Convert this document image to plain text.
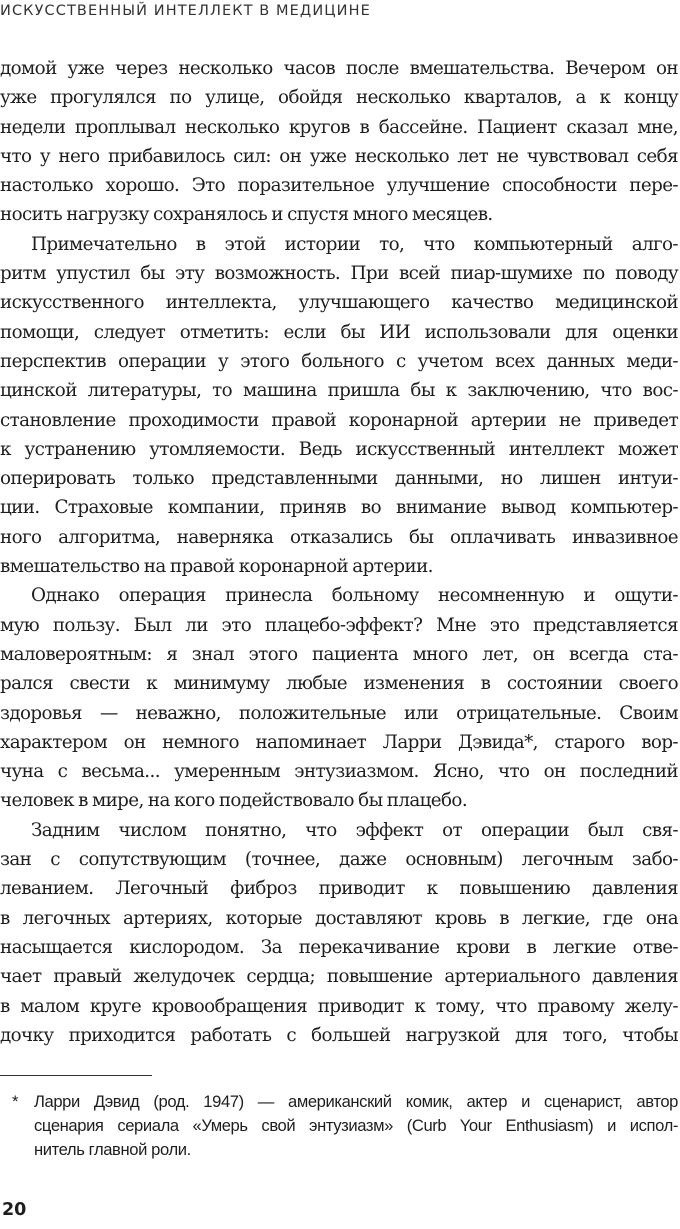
ИСКУССТВЕННЫЙ ИНТЕЛЛЕКТ В МЕДИЦИНЕ
домой уже через несколько часов после вмешательства. Вечером он
уже прогулялся по улице, обойдя несколько кварталов, а к концу
недели проплывал несколько кругов в бассейне. Пациент сказал мне,
что у него прибавилось сил: он уже несколько лет не чувствовал себя
настолько хорошо. Это поразительное улучшение способности пере-
носить нагрузку сохранялось и спустя много месяцев.
Примечательно в этой истории то, что компьютерный алго-
ритм упустил бы эту возможность. При всей пиар-шумихе по поводу
искусственного интеллекта, улучшающего качество медицинской
помощи, следует отметить: если бы ИИ использовали для оценки
перспектив операции у этого больного с учетом всех данных меди-
цинской литературы, то машина пришла бы к заключению, что вос-
становление проходимости правой коронарной артерии не приведет
к устранению утомляемости. Ведь искусственный интеллект может
оперировать только представленными данными, но лишен интуи-
ции. Страховые компании, приняв во внимание вывод компьютер-
ного алгоритма, наверняка отказались бы оплачивать инвазивное
вмешательство на правой коронарной артерии.
Однако операция принесла больному несомненную и ощути-
мую пользу. Был ли это плацебо-эффект? Мне это представляется
маловероятным: я знал этого пациента много лет, он всегда ста-
рался свести к минимуму любые изменения в состоянии своего
здоровья — неважно, положительные или отрицательные. Своим
характером он немного напоминает Ларри Дэвида*, старого вор-
чуна с весьма... умеренным энтузиазмом. Ясно, что он последний
человек в мире, на кого подействовало бы плацебо.
Задним числом понятно, что эффект от операции был свя-
зан с сопутствующим (точнее, даже основным) легочным забо-
леванием. Легочный фиброз приводит к повышению давления
в легочных артериях, которые доставляют кровь в легкие, где она
насыщается кислородом. За перекачивание крови в легкие отве-
чает правый желудочек сердца; повышение артериального давления
в малом круге кровообращения приводит к тому, что правому желу-
дочку приходится работать с большей нагрузкой для того, чтобы
* Ларри Дэвид (род. 1947) — американский комик, актер и сценарист, автор
сценария сериала «Умерь свой энтузиазм» (Curb Your Enthusiasm) и испол-
нитель главной роли.
20
